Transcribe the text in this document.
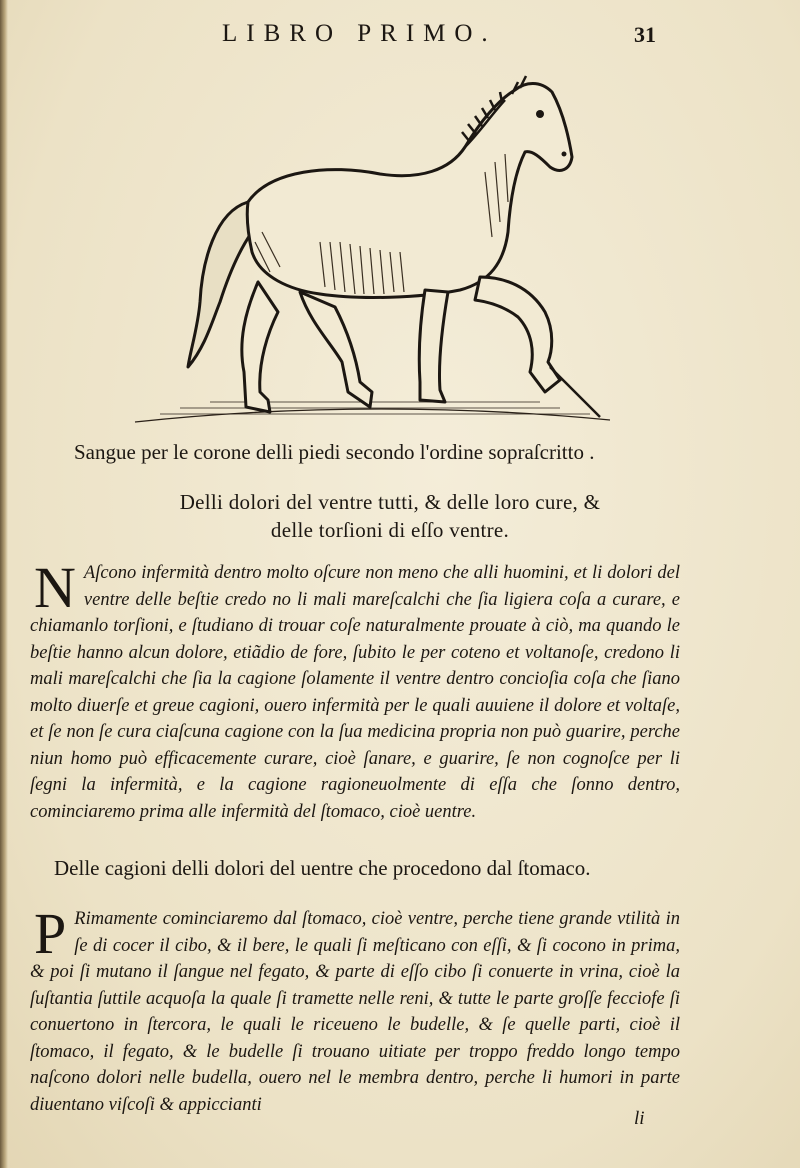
LIBRO PRIMO.	31
Sangue per le corone delli piedi secondo l'ordine sopraſcritto .
Delli dolori del ventre tutti, & delle loro cure, &
delle torſioni di eſſo ventre.
N Aſcono infermità dentro molto oſcure non meno che alli huomini, et li dolori del ventre delle beſtie credo no li mali mareſcalchi che ſia ligiera coſa a curare, e chiamanlo torſioni, e ſtudiano di trouar coſe naturalmente prouate à ciò, ma quando le beſtie hanno alcun dolore, etiãdio de fore, ſubito le per coteno et voltanoſe, credono li mali mareſcalchi che ſia la cagione ſolamente il ventre dentro concioſia coſa che ſiano molto diuerſe et greue cagioni, ouero infermità per le quali auuiene il dolore et voltaſe, et ſe non ſe cura ciaſcuna cagione con la ſua medicina propria non può guarire, perche niun homo può efficacemente curare, cioè ſanare, e guarire, ſe non cognoſce per li ſegni la infermità, e la cagione ragioneuolmente di eſſa che ſonno dentro, cominciaremo prima alle infermità del ſtomaco, cioè uentre.
Delle cagioni delli dolori del uentre che procedono dal ſtomaco.
P Rimamente cominciaremo dal ſtomaco, cioè ventre, perche tiene grande vtilità in ſe di cocer il cibo, & il bere, le quali ſi meſticano con eſſi, & ſi cocono in prima, & poi ſi mutano il ſangue nel fegato, & parte di eſſo cibo ſi conuerte in vrina, cioè la ſuſtantia ſuttile acquoſa la quale ſi tramette nelle reni, & tutte le parte groſſe fecciofe ſi conuertono in ſtercora, le quali le riceueno le budelle, & ſe quelle parti, cioè il ſtomaco, il fegato, & le budelle ſi trouano uitiate per troppo freddo longo tempo naſcono dolori nelle budella, ouero nel le membra dentro, perche li humori in parte diuentano viſcoſi & appiccianti
li
